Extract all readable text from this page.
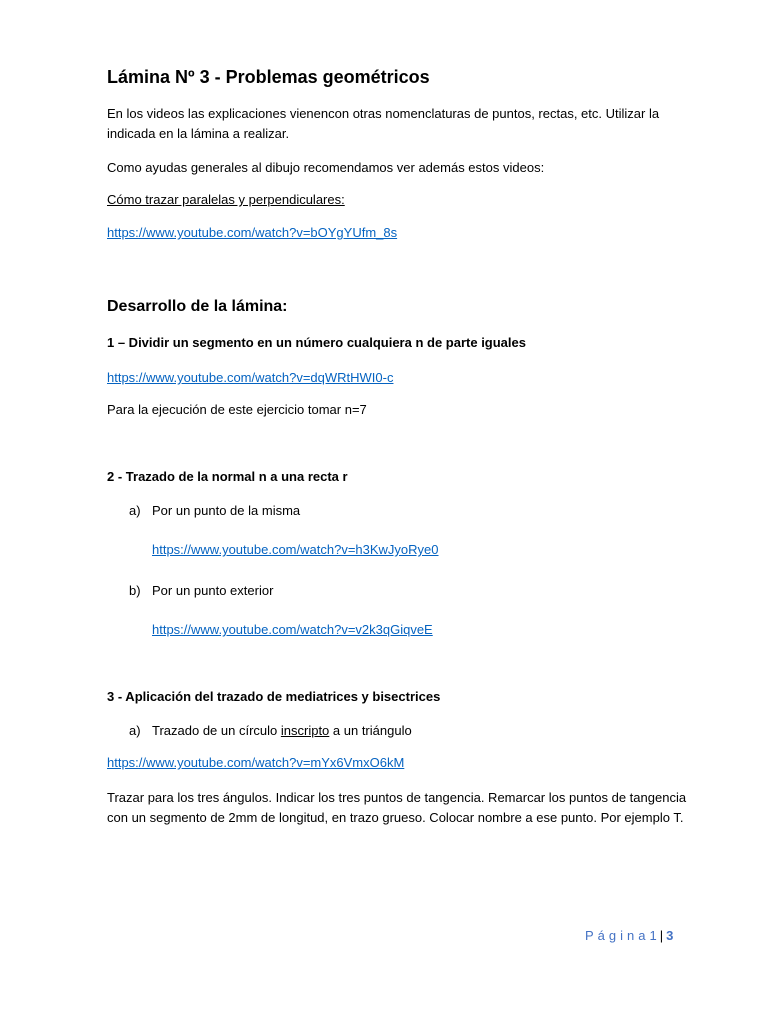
Lámina Nº 3 - Problemas geométricos
En los videos las explicaciones vienencon otras nomenclaturas de puntos, rectas, etc. Utilizar la indicada en la lámina a realizar.
Como ayudas generales al dibujo recomendamos ver además estos videos:
Cómo trazar paralelas y perpendiculares:
https://www.youtube.com/watch?v=bOYgYUfm_8s
Desarrollo de la lámina:
1 – Dividir un segmento en un número cualquiera n de parte iguales
https://www.youtube.com/watch?v=dqWRtHWI0-c
Para la ejecución de este ejercicio tomar n=7
2 - Trazado de la normal n a una recta r
a) Por un punto de la misma
https://www.youtube.com/watch?v=h3KwJyoRye0
b) Por un punto exterior
https://www.youtube.com/watch?v=v2k3qGiqveE
3 - Aplicación del trazado de mediatrices y bisectrices
a) Trazado de un círculo inscripto a un triángulo
https://www.youtube.com/watch?v=mYx6VmxO6kM
Trazar para los tres ángulos. Indicar los tres puntos de tangencia. Remarcar los puntos de tangencia con un segmento de 2mm de longitud, en trazo grueso. Colocar nombre a ese punto. Por ejemplo T.
Página1 | 3
